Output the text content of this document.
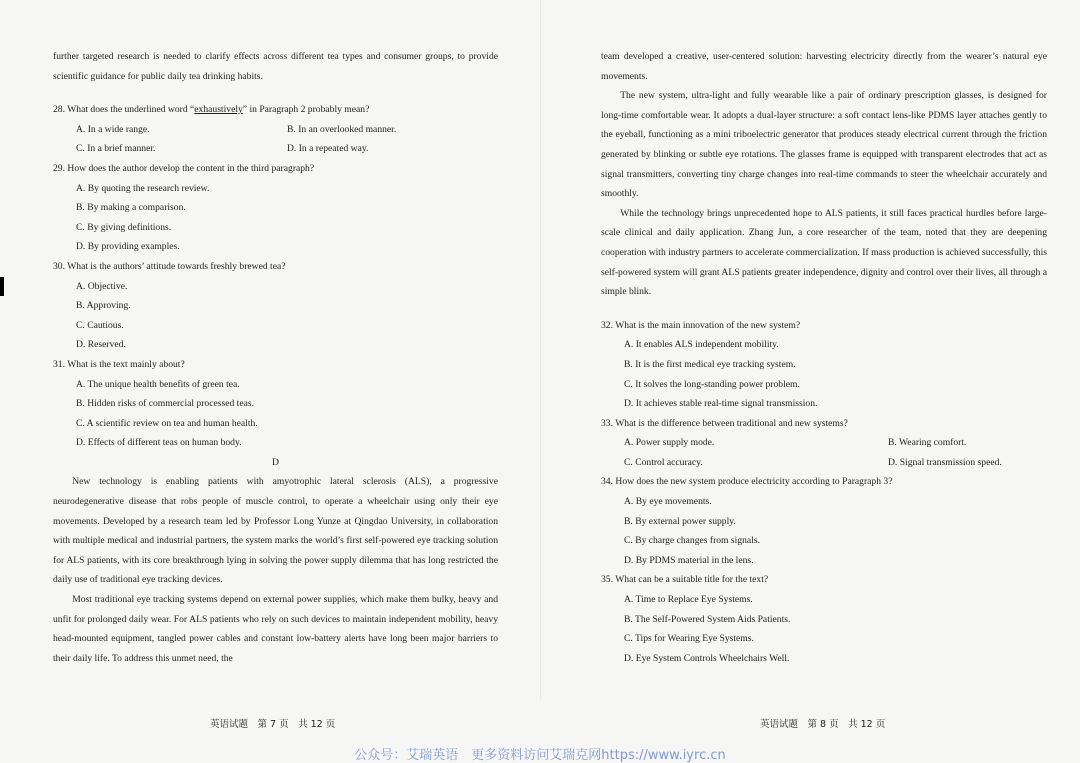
further targeted research is needed to clarify effects across different tea types and consumer groups, to provide scientific guidance for public daily tea drinking habits.

28. What does the underlined word “exhaustively” in Paragraph 2 probably mean?

A. In a wide range.	B. In an overlooked manner.
C. In a brief manner.	D. In a repeated way.

29. How does the author develop the content in the third paragraph?

A. By quoting the research review.

B. By making a comparison.

C. By giving definitions.

D. By providing examples.

30. What is the authors’ attitude towards freshly brewed tea?

A. Objective.

B. Approving.

C. Cautious.

D. Reserved.

31. What is the text mainly about?

A. The unique health benefits of green tea.

B. Hidden risks of commercial processed teas.

C. A scientific review on tea and human health.

D. Effects of different teas on human body.

D

New technology is enabling patients with amyotrophic lateral sclerosis (ALS), a progressive neurodegenerative disease that robs people of muscle control, to operate a wheelchair using only their eye movements. Developed by a research team led by Professor Long Yunze at Qingdao University, in collaboration with multiple medical and industrial partners, the system marks the world’s first self-powered eye tracking solution for ALS patients, with its core breakthrough lying in solving the power supply dilemma that has long restricted the daily use of traditional eye tracking devices.

Most traditional eye tracking systems depend on external power supplies, which make them bulky, heavy and unfit for prolonged daily wear. For ALS patients who rely on such devices to maintain independent mobility, heavy head-mounted equipment, tangled power cables and constant low-battery alerts have long been major barriers to their daily life. To address this unmet need, the

team developed a creative, user-centered solution: harvesting electricity directly from the wearer’s natural eye movements.

The new system, ultra-light and fully wearable like a pair of ordinary prescription glasses, is designed for long-time comfortable wear. It adopts a dual-layer structure: a soft contact lens-like PDMS layer attaches gently to the eyeball, functioning as a mini triboelectric generator that produces steady electrical current through the friction generated by blinking or subtle eye rotations. The glasses frame is equipped with transparent electrodes that act as signal transmitters, converting tiny charge changes into real-time commands to steer the wheelchair accurately and smoothly.

While the technology brings unprecedented hope to ALS patients, it still faces practical hurdles before large-scale clinical and daily application. Zhang Jun, a core researcher of the team, noted that they are deepening cooperation with industry partners to accelerate commercialization. If mass production is achieved successfully, this self-powered system will grant ALS patients greater independence, dignity and control over their lives, all through a simple blink.

32. What is the main innovation of the new system?

A. It enables ALS independent mobility.

B. It is the first medical eye tracking system.

C. It solves the long-standing power problem.

D. It achieves stable real-time signal transmission.

33. What is the difference between traditional and new systems?

A. Power supply mode.	B. Wearing comfort.
C. Control accuracy.	D. Signal transmission speed.

34. How does the new system produce electricity according to Paragraph 3?

A. By eye movements.

B. By external power supply.

C. By charge changes from signals.

D. By PDMS material in the lens.

35. What can be a suitable title for the text?

A. Time to Replace Eye Systems.

B. The Self-Powered System Aids Patients.

C. Tips for Wearing Eye Systems.

D. Eye System Controls Wheelchairs Well.

英语试题　第 7 页　共 12 页	英语试题　第 8 页　共 12 页
公众号：艾瑞英语　更多资料访问艾瑞克网https://www.iyrc.cn
